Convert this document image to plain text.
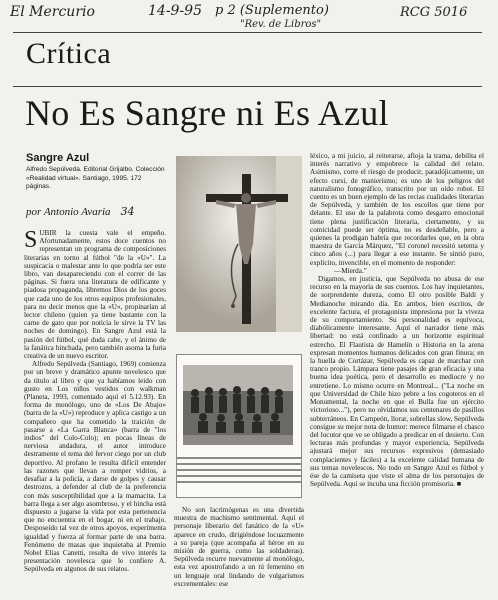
El Mercurio	14-9-95 p 2 (Suplemento)
"Rev. de Libros"
RCG 5016
Crítica
No Es Sangre ni Es Azul
Sangre Azul
Alfredo Sepúlveda. Editorial Grijalbo. Colección «Realidad virtual». Santiago, 1995. 172 páginas.
por Antonio Avaria 34

SUBIR la cuesta vale el empeño. Afortunadamente, estos doce cuentos no representan un programa de composiciones literarias en torno al fútbol "de la «U»". La suspicacia o malestar ante lo que podría ser este libro, van desapareciendo con el correr de las páginas. Si fuera una literatura de edificante y piadosa propaganda, libremos Dios de los goces que cada uno de los otros equipos profesionales, para no decir menos que la «U», propinarían al lector chileno (quien ya tiene bastante con la carne de gato que por noticia le sirve la TV las noches de domingo). En Sangre Azul está la pasión del fútbol, qué duda cabe, y el ánimo de la fanática hinchada, pero también asoma la furia creativa de un nuevo escritor.

Alfredo Sepúlveda (Santiago, 1969) comienza por un breve y dramático apunte novelesco que da título al libro y que ya habíamos leído con gusto en Los niños vestidos con walkman (Planeta, 1993, comentado aquí el 5.12.93). En forma de monólogo, uno de «Los De Abajo» (barra de la «U») reproduce y aplica castigo a un compañero que ha cometido la traición de pasarse a «La Garra Blanca» (barra de "los indios" del Colo-Colo); en pocas líneas de nerviosa andadura, el autor introduce destramente el tema del fervor ciego por un club deportivo. Al profano le resulta difícil entender las razones que llevan a romper vidrios, a desafiar a la policía, a darse de golpes y causar destrozos, a defender al club de la preferencia con más susceptibilidad que a la mamacita. La barra llega a ser algo asombroso, y el hincha está dispuesto a jugarse la vida por esta pertenencia que no encuentra en el hogar, ni en el trabajo. Desposeído tal vez de otros apoyos, experimenta igualdad y fuerza al formar parte de una barra. Fenómeno de masas que inquietaba al Premio Nobel Elias Canetti, resulta de vivo interés la presentación novelesca que le confiere A. Sepúlveda en algunos de sus relatos.

No son lacrimógenas es una divertida muestra de machismo sentimental. Aquí el personaje liberario del fanático de la «U» aparece en crudo, dirigiéndose locuazmente a su pareja (que acompaña al héroe en su misión de guerra, como las soldaderas). Sepúlveda recurre nuevamente al monólogo, esta vez apostrofando a un tú femenino en un lenguaje oral lindando de vulgarismos excrementales: ese

léxico, a mi juicio, al reiterarse, afloja la trama, debilita el interés narrativo y empobrece la calidad del relato. Asimismo, corre el riesgo de producir, paradójicamente, un efecto cursi, de manierismo; es uno de los peligros del naturalismo fonográfico, transcrito por un oído robot. El cuento es un buen ejemplo de las recias cualidades literarias de Sepúlveda, y también de los escollos que tiene por delante. El uso de la palabrota como desgarro emocional tiene plena justificación literaria, ciertamente, y su comicidad puede ser óptima, no es desdeñable, pero a quienes la prodigan habría que recordarles que, en la obra maestra de García Márquez, "El coronel necesitó setenta y cinco años (...) para llegar a ese instante. Se sintió puro, explícito, invencible, en el momento de responder:

—Mierda."

Digamos, en justicia, que Sepúlveda no abusa de ese recurso en la mayoría de sus cuentos. Los hay inquietantes, de sorprendente dureza, como El otro posible Baldi y Medianoche mirando día. En ambos, bien escritos, de excelente factura, el protagonista impresiona por la viveza de su comportamiento. Su personalidad es equívoca, diabólicamente interesante. Aquí el narrador tiene más libertad: no está confinado a un horizonte espiritual estrecho. El Flautista de Hamelín o Historia en la arena expresan momentos humanos delicados con gran finura; en la huella de Cortázar, Sepúlveda es capaz de marchar con tranco propio. Lámpara tiene pasajes de gran eficacia y una buena idea poética, pero el desarrollo es mediocre y no entretiene. Lo mismo ocurre en Montreal... ("La noche en que Universidad de Chile hizo pebre a los cogoteros en el Monumental, la noche en que el Bulla fue un ejército victorioso..."), pero no olvidamos sus centenares de pasillos subterráneos. En Campeón, llorar, sobrellas slow, Sepúlveda consigue su mejor nota de humor: merece filmarse el chasco del locutor que ve se obligado a predicar en el desierto. Con lecturas más profundas y mayor experiencia, Sepúlveda ajustará mejor sus recursos expresivos (demasiado complacientes y fáciles) a la excelente calidad humana de sus temas novelescos. No todo en Sangre Azul es fútbol y ése de la camiseta que viste el alma de los personajes de Sepúlveda. Aquí se incuba una ficción promisoria. ■
